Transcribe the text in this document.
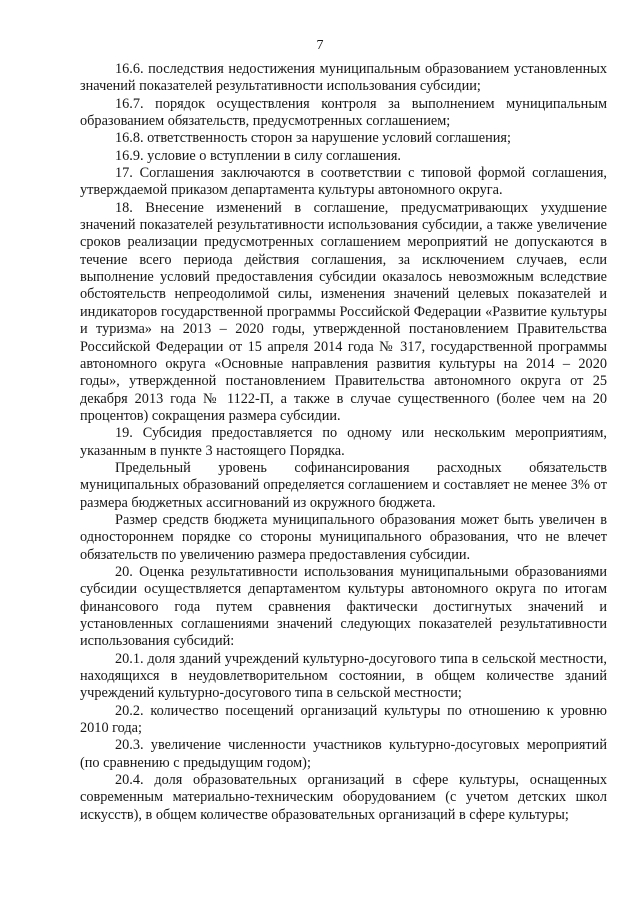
7

16.6. последствия недостижения муниципальным образованием установленных значений показателей результативности использования субсидии;

16.7. порядок осуществления контроля за выполнением муниципальным образованием обязательств, предусмотренных соглашением;

16.8. ответственность сторон за нарушение условий соглашения;

16.9. условие о вступлении в силу соглашения.

17. Соглашения заключаются в соответствии с типовой формой соглашения, утверждаемой приказом департамента культуры автономного округа.

18. Внесение изменений в соглашение, предусматривающих ухудшение значений показателей результативности использования субсидии, а также увеличение сроков реализации предусмотренных соглашением мероприятий не допускаются в течение всего периода действия соглашения, за исключением случаев, если выполнение условий предоставления субсидии оказалось невозможным вследствие обстоятельств непреодолимой силы, изменения значений целевых показателей и индикаторов государственной программы Российской Федерации «Развитие культуры и туризма» на 2013 – 2020 годы, утвержденной постановлением Правительства Российской Федерации от 15 апреля 2014 года № 317, государственной программы автономного округа «Основные направления развития культуры на 2014 – 2020 годы», утвержденной постановлением Правительства автономного округа от 25 декабря 2013 года № 1122-П, а также в случае существенного (более чем на 20 процентов) сокращения размера субсидии.

19. Субсидия предоставляется по одному или нескольким мероприятиям, указанным в пункте 3 настоящего Порядка.

Предельный уровень софинансирования расходных обязательств муниципальных образований определяется соглашением и составляет не менее 3% от размера бюджетных ассигнований из окружного бюджета.

Размер средств бюджета муниципального образования может быть увеличен в одностороннем порядке со стороны муниципального образования, что не влечет обязательств по увеличению размера предоставления субсидии.

20. Оценка результативности использования муниципальными образованиями субсидии осуществляется департаментом культуры автономного округа по итогам финансового года путем сравнения фактически достигнутых значений и установленных соглашениями значений следующих показателей результативности использования субсидий:

20.1. доля зданий учреждений культурно-досугового типа в сельской местности, находящихся в неудовлетворительном состоянии, в общем количестве зданий учреждений культурно-досугового типа в сельской местности;

20.2. количество посещений организаций культуры по отношению к уровню 2010 года;

20.3. увеличение численности участников культурно-досуговых мероприятий (по сравнению с предыдущим годом);

20.4. доля образовательных организаций в сфере культуры, оснащенных современным материально-техническим оборудованием (с учетом детских школ искусств), в общем количестве образовательных организаций в сфере культуры;
